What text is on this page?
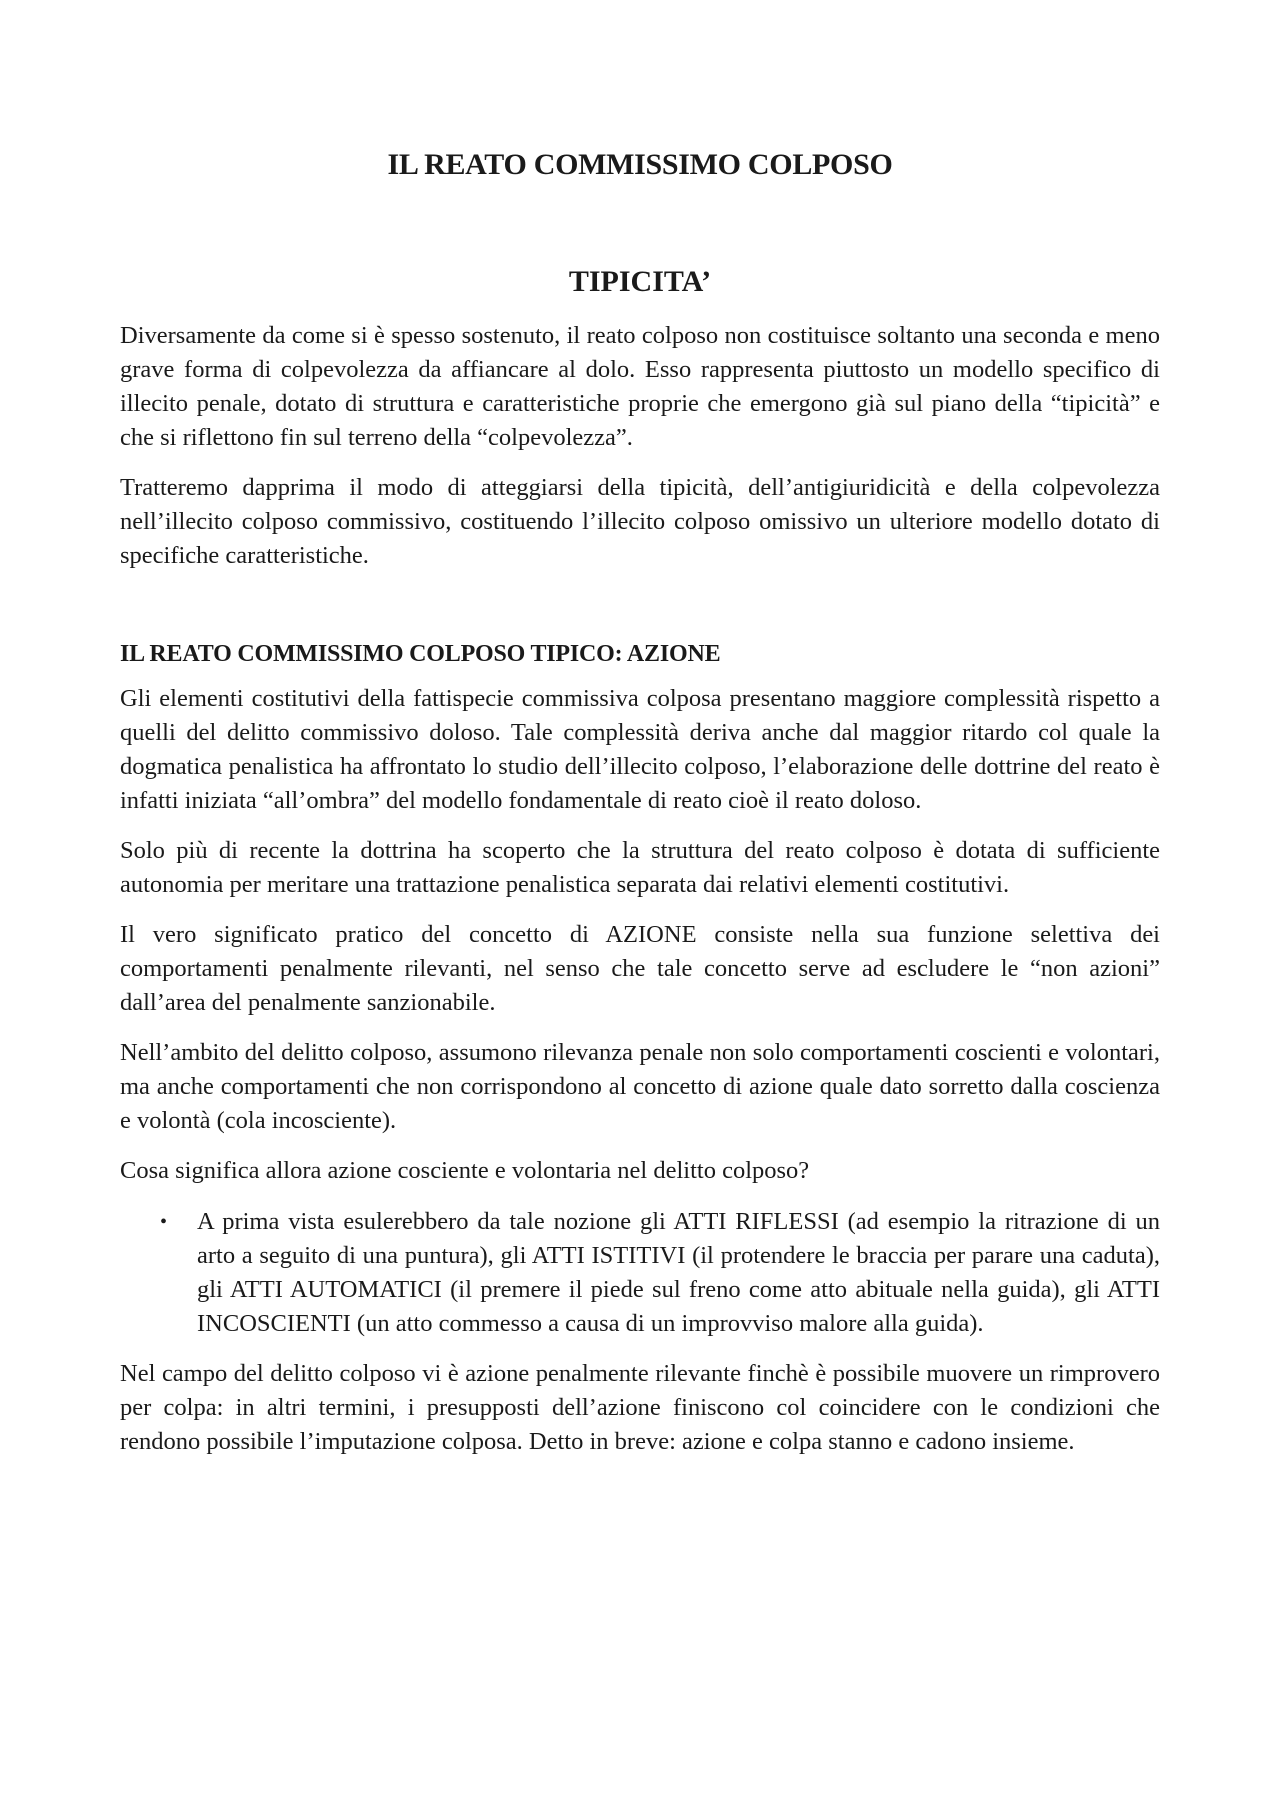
IL REATO COMMISSIMO COLPOSO
TIPICITA’

Diversamente da come si è spesso sostenuto, il reato colposo non costituisce soltanto una seconda e meno grave forma di colpevolezza da affiancare al dolo. Esso rappresenta piuttosto un modello specifico di illecito penale, dotato di struttura e caratteristiche proprie che emergono già sul piano della “tipicità” e che si riflettono fin sul terreno della “colpevolezza”.

Tratteremo dapprima il modo di atteggiarsi della tipicità, dell’antigiuridicità e della colpevolezza nell’illecito colposo commissivo, costituendo l’illecito colposo omissivo un ulteriore modello dotato di specifiche caratteristiche.

IL REATO COMMISSIMO COLPOSO TIPICO: AZIONE

Gli elementi costitutivi della fattispecie commissiva colposa presentano maggiore complessità rispetto a quelli del delitto commissivo doloso. Tale complessità deriva anche dal maggior ritardo col quale la dogmatica penalistica ha affrontato lo studio dell’illecito colposo, l’elaborazione delle dottrine del reato è infatti iniziata “all’ombra” del modello fondamentale di reato cioè il reato doloso.

Solo più di recente la dottrina ha scoperto che la struttura del reato colposo è dotata di sufficiente autonomia per meritare una trattazione penalistica separata dai relativi elementi costitutivi.

Il vero significato pratico del concetto di AZIONE consiste nella sua funzione selettiva dei comportamenti penalmente rilevanti, nel senso che tale concetto serve ad escludere le “non azioni” dall’area del penalmente sanzionabile.

Nell’ambito del delitto colposo, assumono rilevanza penale non solo comportamenti coscienti e volontari, ma anche comportamenti che non corrispondono al concetto di azione quale dato sorretto dalla coscienza e volontà (cola incosciente).

Cosa significa allora azione cosciente e volontaria nel delitto colposo?

• A prima vista esulerebbero da tale nozione gli ATTI RIFLESSI (ad esempio la ritrazione di un arto a seguito di una puntura), gli ATTI ISTITIVI (il protendere le braccia per parare una caduta), gli ATTI AUTOMATICI (il premere il piede sul freno come atto abituale nella guida), gli ATTI INCOSCIENTI (un atto commesso a causa di un improvviso malore alla guida).

Nel campo del delitto colposo vi è azione penalmente rilevante finchè è possibile muovere un rimprovero per colpa: in altri termini, i presupposti dell’azione finiscono col coincidere con le condizioni che rendono possibile l’imputazione colposa. Detto in breve: azione e colpa stanno e cadono insieme.
